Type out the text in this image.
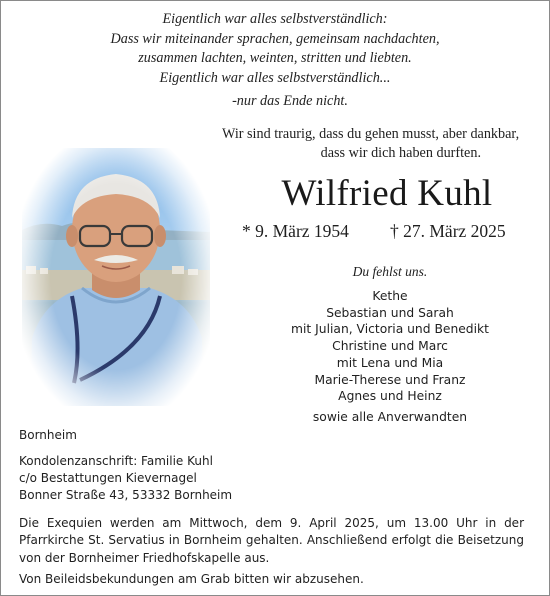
Eigentlich war alles selbstverständlich:
Dass wir miteinander sprachen, gemeinsam nachdachten,
zusammen lachten, weinten, stritten und liebten.
Eigentlich war alles selbstverständlich...
-nur das Ende nicht.
Wir sind traurig, dass du gehen musst, aber dankbar,
dass wir dich haben durften.
Wilfried Kuhl
* 9. März 1954 † 27. März 2025
Du fehlst uns.
Kethe
Sebastian und Sarah
mit Julian, Victoria und Benedikt
Christine und Marc
mit Lena und Mia
Marie-Therese und Franz
Agnes und Heinz
sowie alle Anverwandten
Bornheim
Kondolenzanschrift: Familie Kuhl
c/o Bestattungen Kievernagel
Bonner Straße 43, 53332 Bornheim
Die Exequien werden am Mittwoch, dem 9. April 2025, um 13.00 Uhr in der Pfarrkirche St. Servatius in Bornheim gehalten. Anschließend erfolgt die Beisetzung von der Bornheimer Friedhofskapelle aus.
Von Beileidsbekundungen am Grab bitten wir abzusehen.
